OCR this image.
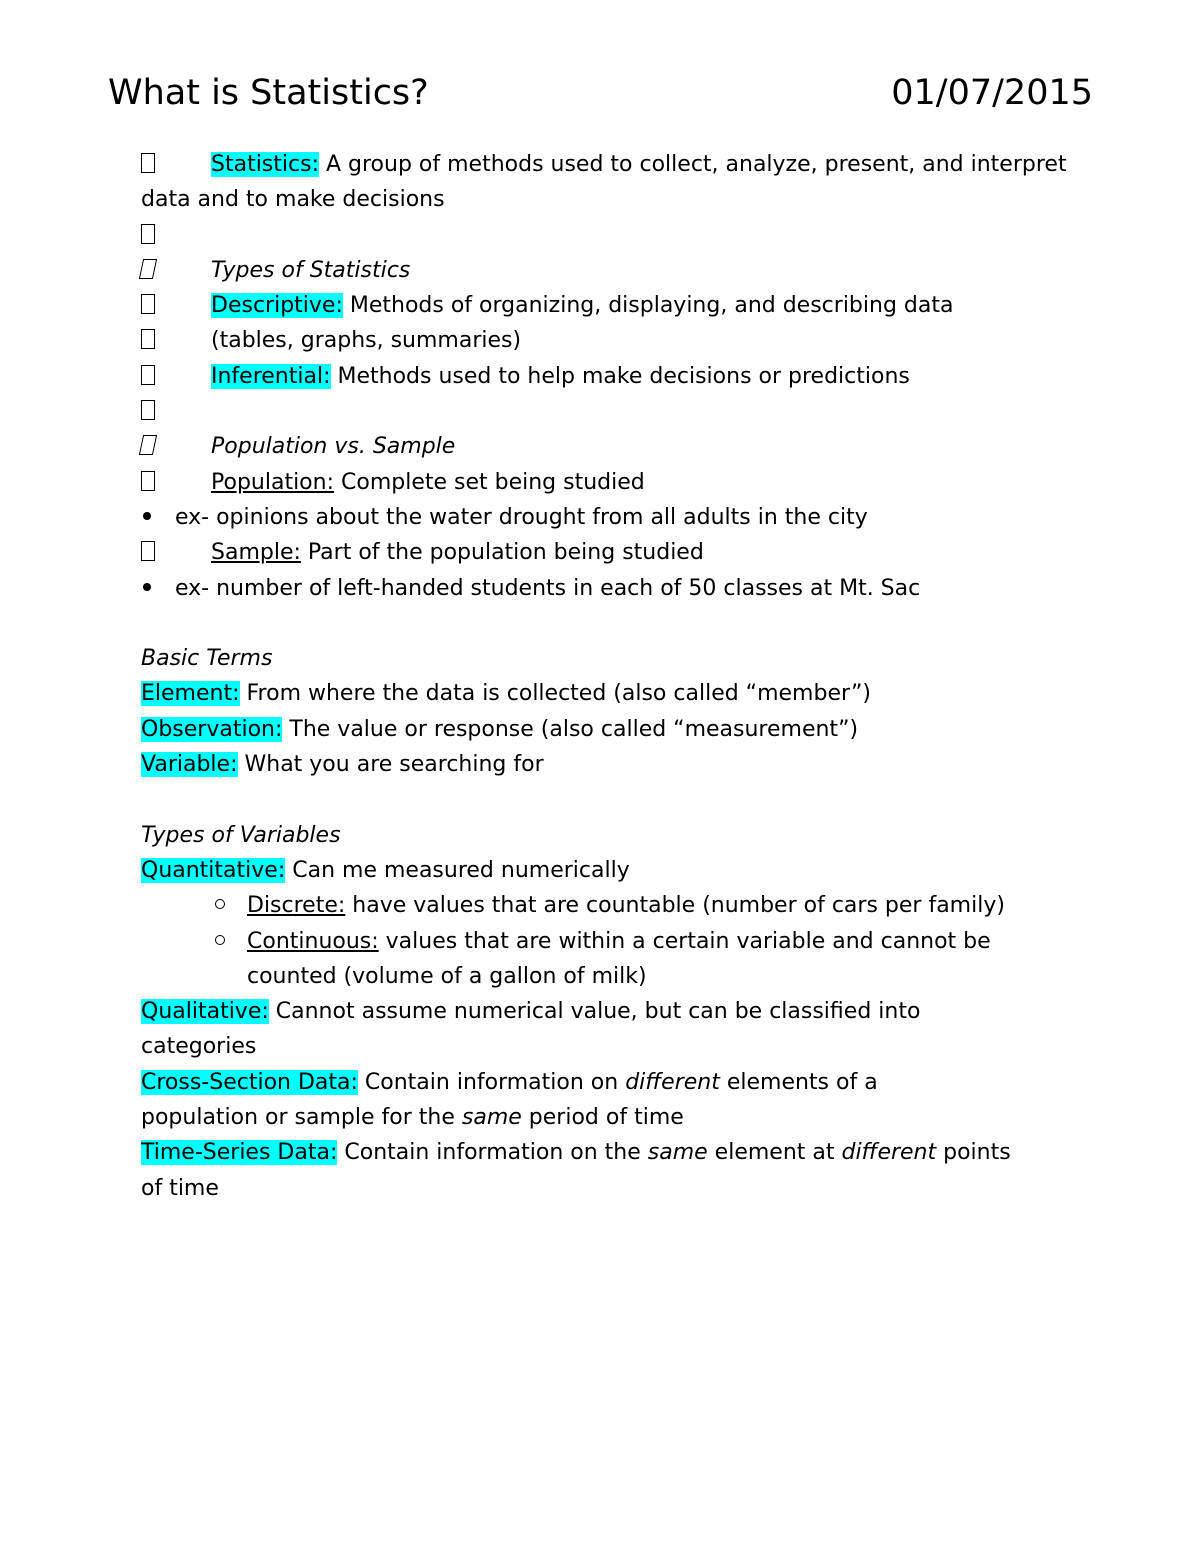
What is Statistics?	01/07/2015
Statistics: A group of methods used to collect, analyze, present, and interpret data and to make decisions
Types of Statistics
Descriptive: Methods of organizing, displaying, and describing data
(tables, graphs, summaries)
Inferential: Methods used to help make decisions or predictions
Population vs. Sample
Population: Complete set being studied
ex- opinions about the water drought from all adults in the city
Sample: Part of the population being studied
ex- number of left-handed students in each of 50 classes at Mt. Sac
Basic Terms
Element: From where the data is collected (also called “member”)
Observation: The value or response (also called “measurement”)
Variable: What you are searching for
Types of Variables
Quantitative: Can me measured numerically
Discrete: have values that are countable (number of cars per family)
Continuous: values that are within a certain variable and cannot be counted (volume of a gallon of milk)
Qualitative: Cannot assume numerical value, but can be classified into categories
Cross-Section Data: Contain information on different elements of a population or sample for the same period of time
Time-Series Data: Contain information on the same element at different points of time
